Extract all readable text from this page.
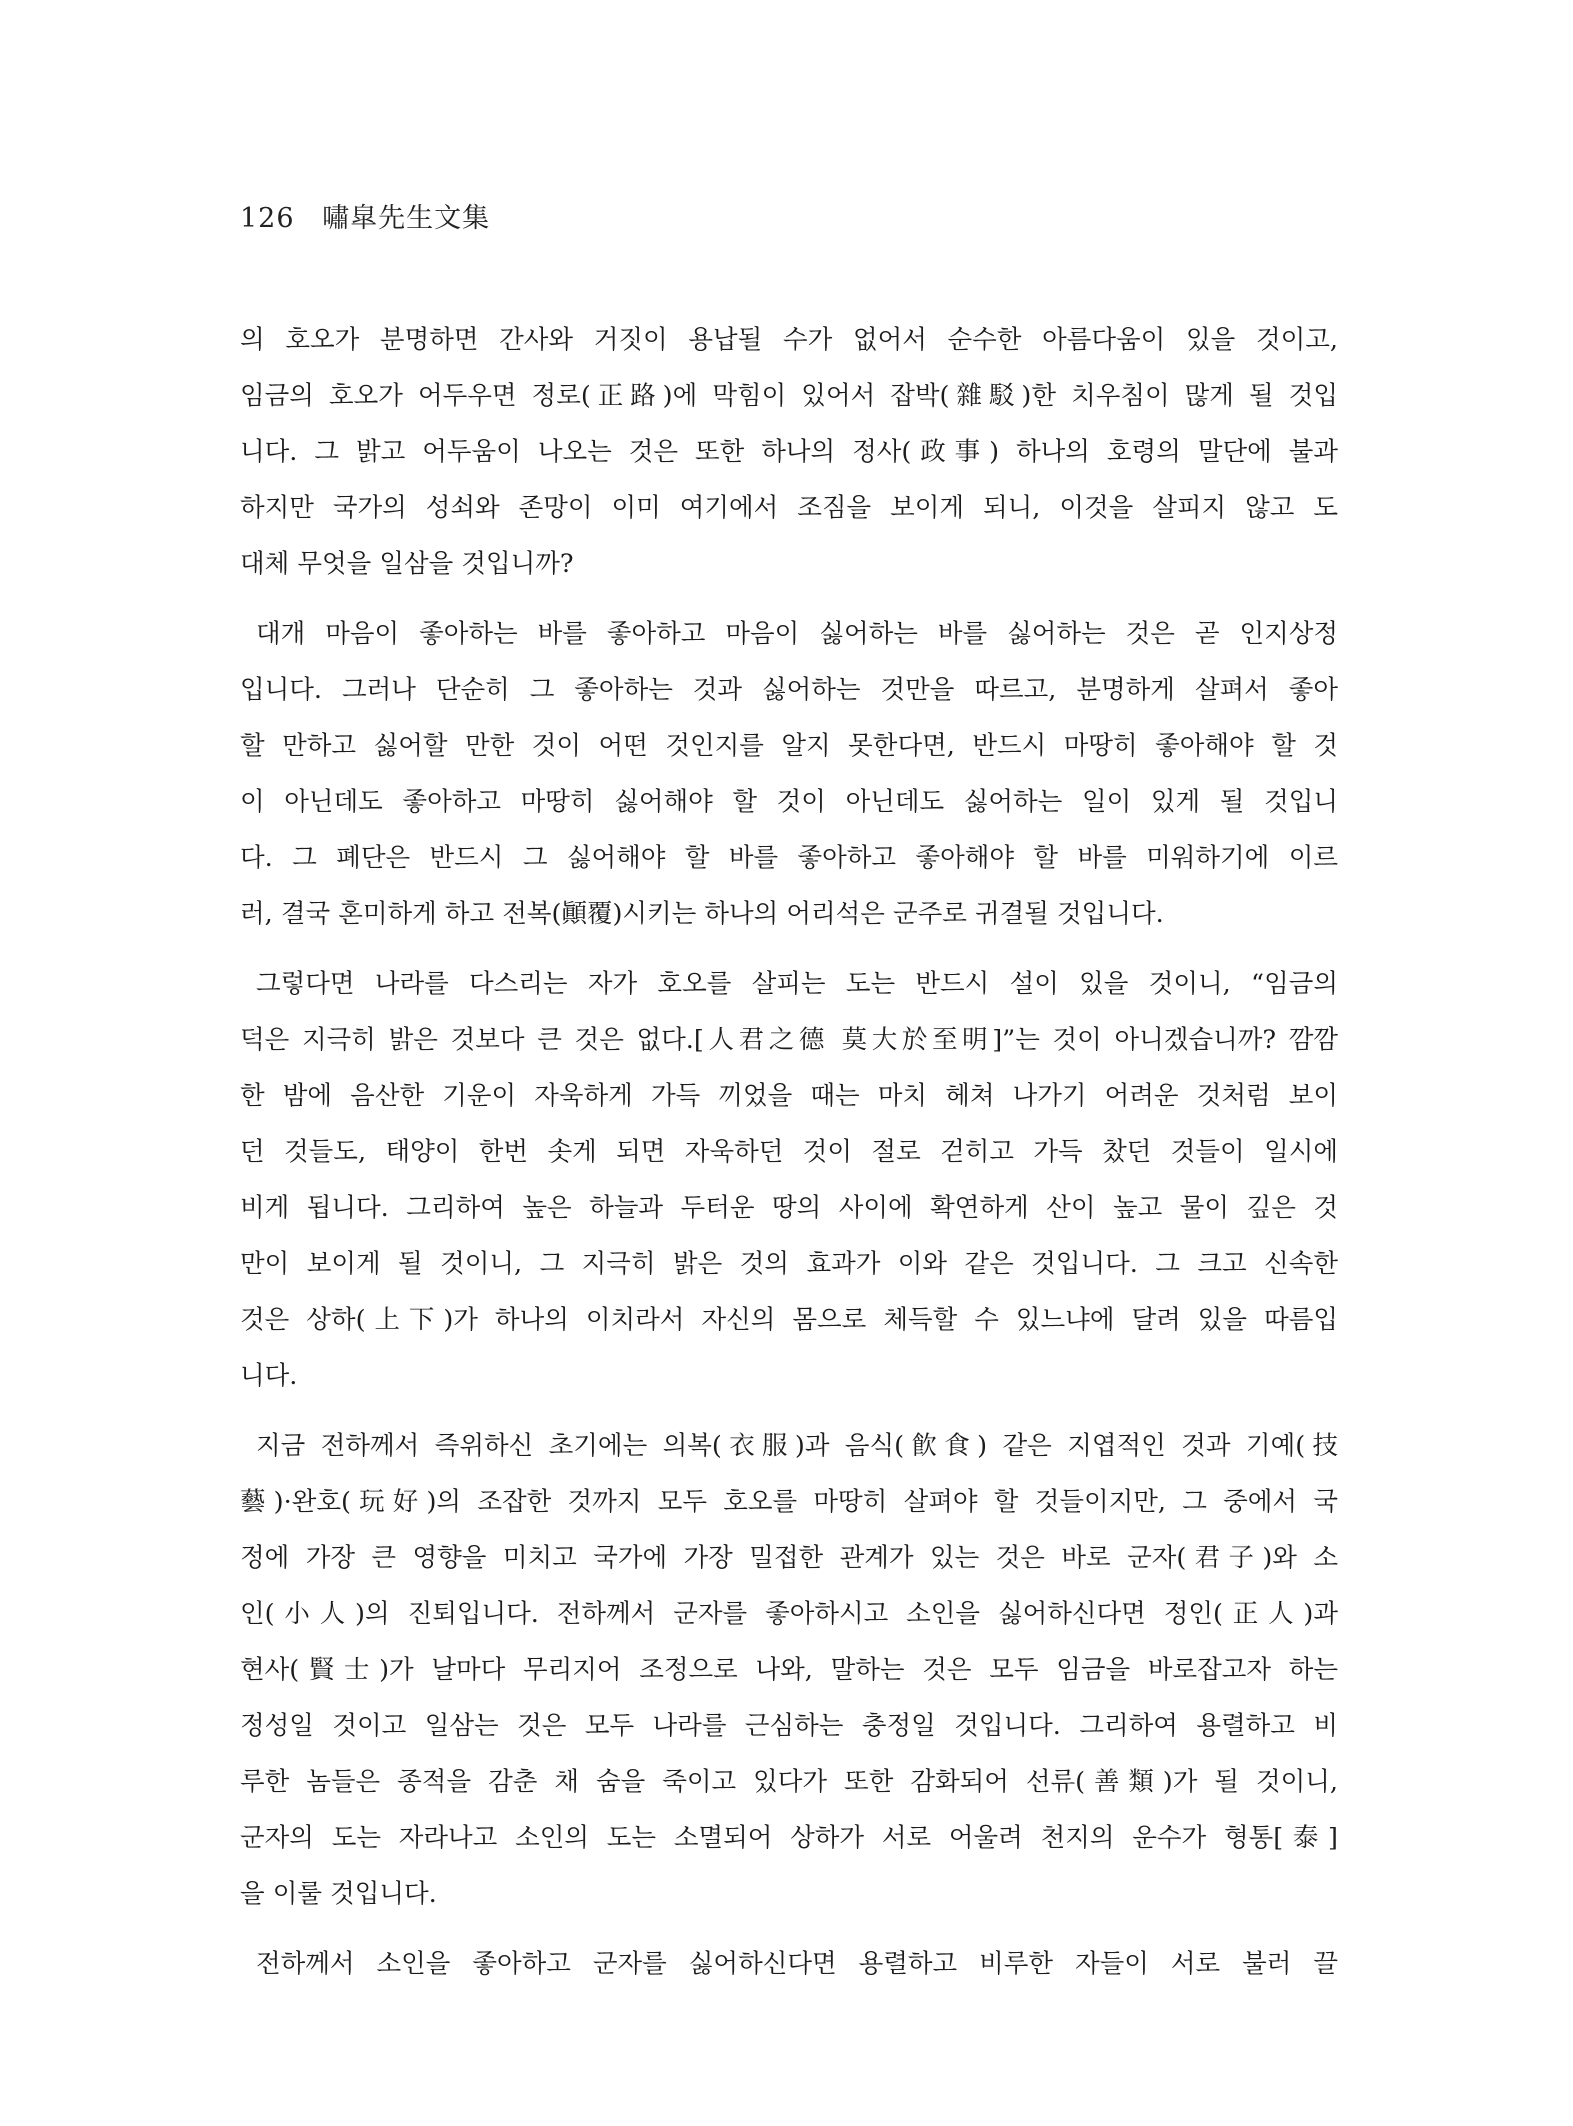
126 嘯皐先生文集
의 호오가 분명하면 간사와 거짓이 용납될 수가 없어서 순수한 아름다움이 있을 것이고,
임금의 호오가 어두우면 정로(正路)에 막힘이 있어서 잡박(雜駁)한 치우침이 많게 될 것입
니다. 그 밝고 어두움이 나오는 것은 또한 하나의 정사(政事) 하나의 호령의 말단에 불과
하지만 국가의 성쇠와 존망이 이미 여기에서 조짐을 보이게 되니, 이것을 살피지 않고 도
대체 무엇을 일삼을 것입니까?
대개 마음이 좋아하는 바를 좋아하고 마음이 싫어하는 바를 싫어하는 것은 곧 인지상정
입니다. 그러나 단순히 그 좋아하는 것과 싫어하는 것만을 따르고, 분명하게 살펴서 좋아
할 만하고 싫어할 만한 것이 어떤 것인지를 알지 못한다면, 반드시 마땅히 좋아해야 할 것
이 아닌데도 좋아하고 마땅히 싫어해야 할 것이 아닌데도 싫어하는 일이 있게 될 것입니
다. 그 폐단은 반드시 그 싫어해야 할 바를 좋아하고 좋아해야 할 바를 미워하기에 이르
러, 결국 혼미하게 하고 전복(顚覆)시키는 하나의 어리석은 군주로 귀결될 것입니다.
그렇다면 나라를 다스리는 자가 호오를 살피는 도는 반드시 설이 있을 것이니, “임금의
덕은 지극히 밝은 것보다 큰 것은 없다.[人君之德 莫大於至明]”는 것이 아니겠습니까? 깜깜
한 밤에 음산한 기운이 자욱하게 가득 끼었을 때는 마치 헤쳐 나가기 어려운 것처럼 보이
던 것들도, 태양이 한번 솟게 되면 자욱하던 것이 절로 걷히고 가득 찼던 것들이 일시에
비게 됩니다. 그리하여 높은 하늘과 두터운 땅의 사이에 확연하게 산이 높고 물이 깊은 것
만이 보이게 될 것이니, 그 지극히 밝은 것의 효과가 이와 같은 것입니다. 그 크고 신속한
것은 상하(上下)가 하나의 이치라서 자신의 몸으로 체득할 수 있느냐에 달려 있을 따름입
니다.
지금 전하께서 즉위하신 초기에는 의복(衣服)과 음식(飮食) 같은 지엽적인 것과 기예(技
藝)·완호(玩好)의 조잡한 것까지 모두 호오를 마땅히 살펴야 할 것들이지만, 그 중에서 국
정에 가장 큰 영향을 미치고 국가에 가장 밀접한 관계가 있는 것은 바로 군자(君子)와 소
인(小人)의 진퇴입니다. 전하께서 군자를 좋아하시고 소인을 싫어하신다면 정인(正人)과
현사(賢士)가 날마다 무리지어 조정으로 나와, 말하는 것은 모두 임금을 바로잡고자 하는
정성일 것이고 일삼는 것은 모두 나라를 근심하는 충정일 것입니다. 그리하여 용렬하고 비
루한 놈들은 종적을 감춘 채 숨을 죽이고 있다가 또한 감화되어 선류(善類)가 될 것이니,
군자의 도는 자라나고 소인의 도는 소멸되어 상하가 서로 어울려 천지의 운수가 형통[泰]
을 이룰 것입니다.
전하께서 소인을 좋아하고 군자를 싫어하신다면 용렬하고 비루한 자들이 서로 불러 끌
